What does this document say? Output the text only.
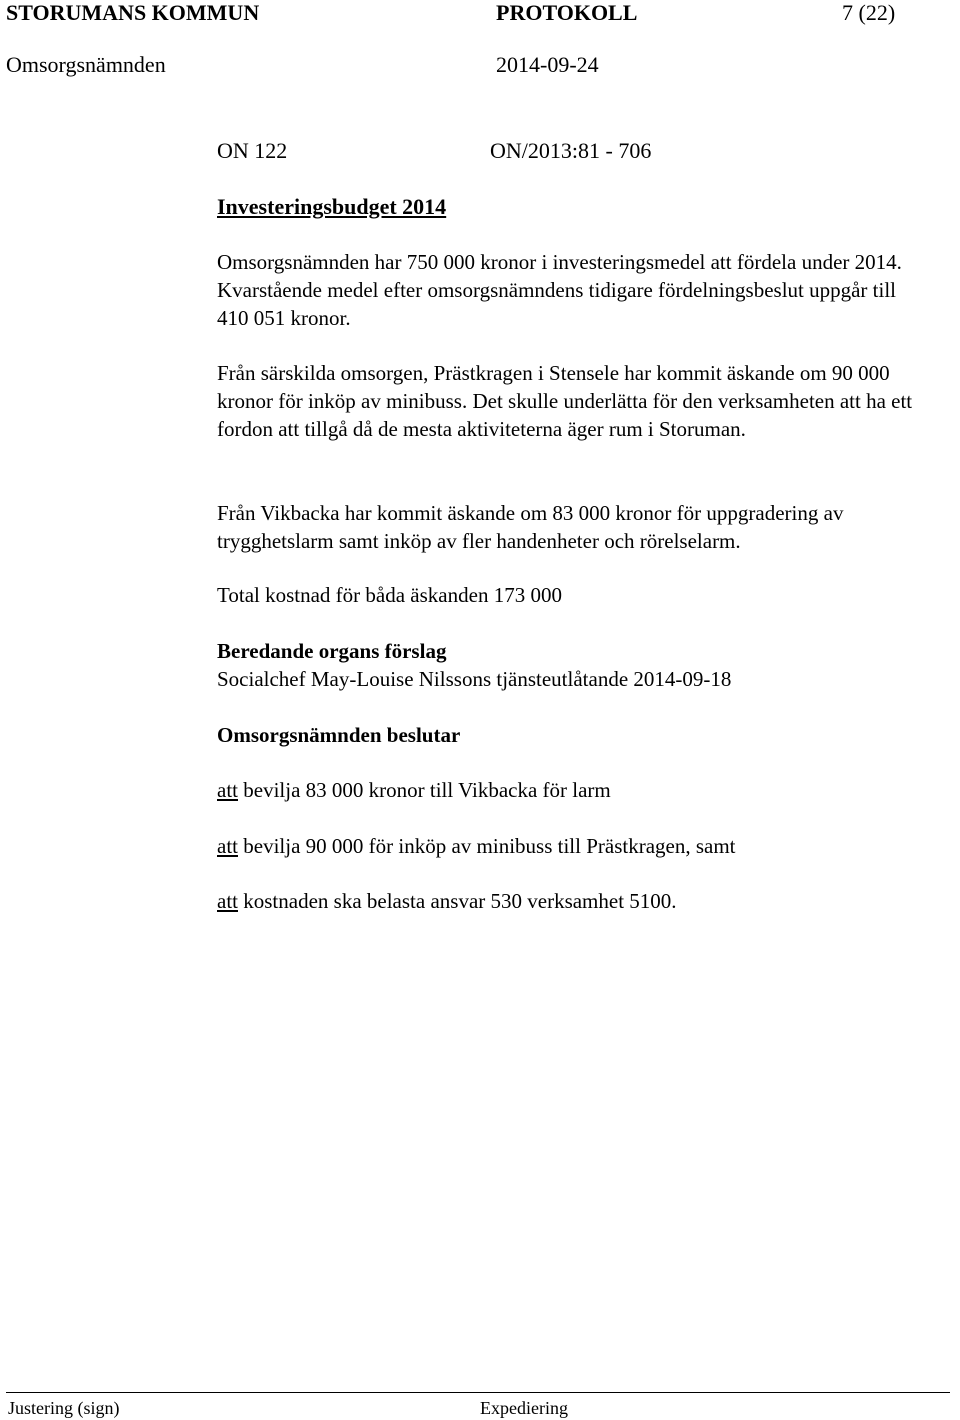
STORUMANS KOMMUN	PROTOKOLL	7 (22)
Omsorgsnämnden	2014-09-24
ON 122	ON/2013:81 - 706
Investeringsbudget 2014

Omsorgsnämnden har 750 000 kronor i investeringsmedel att fördela under 2014. Kvarstående medel efter omsorgsnämndens tidigare fördelningsbeslut uppgår till 410 051 kronor.

Från särskilda omsorgen, Prästkragen i Stensele har kommit äskande om 90 000 kronor för inköp av minibuss. Det skulle underlätta för den verksamheten att ha ett fordon att tillgå då de mesta aktiviteterna äger rum i Storuman.

Från Vikbacka har kommit äskande om 83 000 kronor för uppgradering av trygghetslarm samt inköp av fler handenheter och rörelselarm.

Total kostnad för båda äskanden 173 000

Beredande organs förslag

Socialchef May-Louise Nilssons tjänsteutlåtande 2014-09-18

Omsorgsnämnden beslutar

att bevilja 83 000 kronor till Vikbacka för larm

att bevilja 90 000 för inköp av minibuss till Prästkragen, samt

att kostnaden ska belasta ansvar 530 verksamhet 5100.

Justering (sign)	Expediering
